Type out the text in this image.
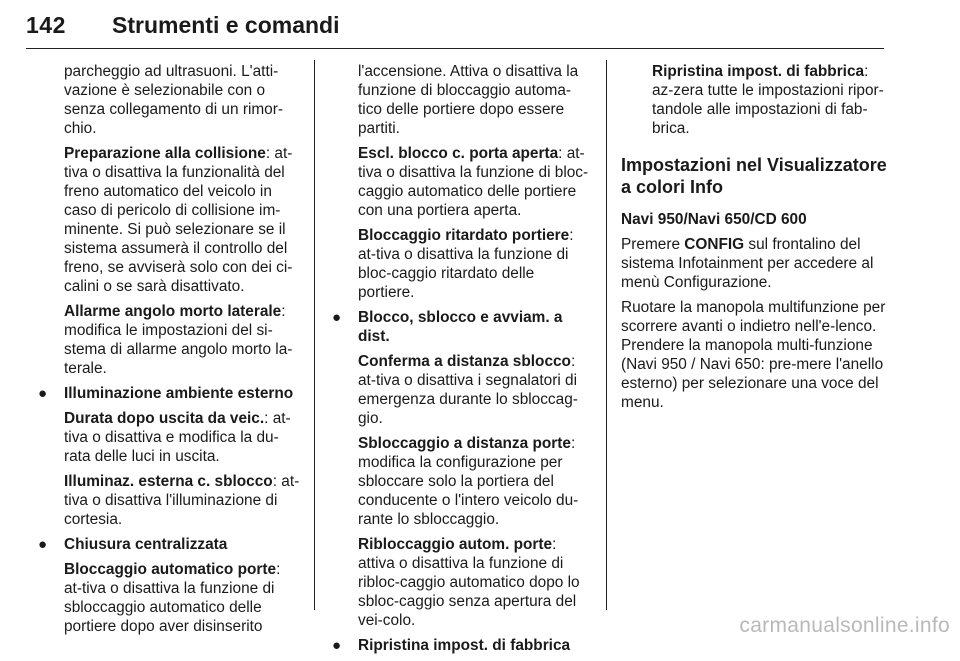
142 Strumenti e comandi

parcheggio ad ultrasuoni. L'atti-vazione è selezionabile con o senza collegamento di un rimor-chio.

Preparazione alla collisione: at-tiva o disattiva la funzionalità del freno automatico del veicolo in caso di pericolo di collisione im-minente. Si può selezionare se il sistema assumerà il controllo del freno, se avviserà solo con dei ci-calini o se sarà disattivato.

Allarme angolo morto laterale: modifica le impostazioni del si-stema di allarme angolo morto la-terale.

● Illuminazione ambiente esterno

Durata dopo uscita da veic.: at-tiva o disattiva e modifica la du-rata delle luci in uscita.

Illuminaz. esterna c. sblocco: at-tiva o disattiva l'illuminazione di cortesia.

● Chiusura centralizzata

Bloccaggio automatico porte: at-tiva o disattiva la funzione di sbloccaggio automatico delle portiere dopo aver disinserito

l'accensione. Attiva o disattiva la funzione di bloccaggio automa-tico delle portiere dopo essere partiti.

Escl. blocco c. porta aperta: at-tiva o disattiva la funzione di bloc-caggio automatico delle portiere con una portiera aperta.

Bloccaggio ritardato portiere: at-tiva o disattiva la funzione di bloc-caggio ritardato delle portiere.

● Blocco, sblocco e avviam. a dist.

Conferma a distanza sblocco: at-tiva o disattiva i segnalatori di emergenza durante lo sbloccag-gio.

Sbloccaggio a distanza porte: modifica la configurazione per sbloccare solo la portiera del conducente o l'intero veicolo du-rante lo sbloccaggio.

Ribloccaggio autom. porte: attiva o disattiva la funzione di ribloc-caggio automatico dopo lo sbloc-caggio senza apertura del vei-colo.

● Ripristina impost. di fabbrica

Ripristina impost. di fabbrica: az-zera tutte le impostazioni ripor-tandole alle impostazioni di fab-brica.

Impostazioni nel Visualizzatore a colori Info
Navi 950/Navi 650/CD 600

Premere CONFIG sul frontalino del sistema Infotainment per accedere al menù Configurazione.

Ruotare la manopola multifunzione per scorrere avanti o indietro nell'e-lenco. Prendere la manopola multi-funzione (Navi 950 / Navi 650: pre-mere l'anello esterno) per selezionare una voce del menu.

carmanualsonline.info
